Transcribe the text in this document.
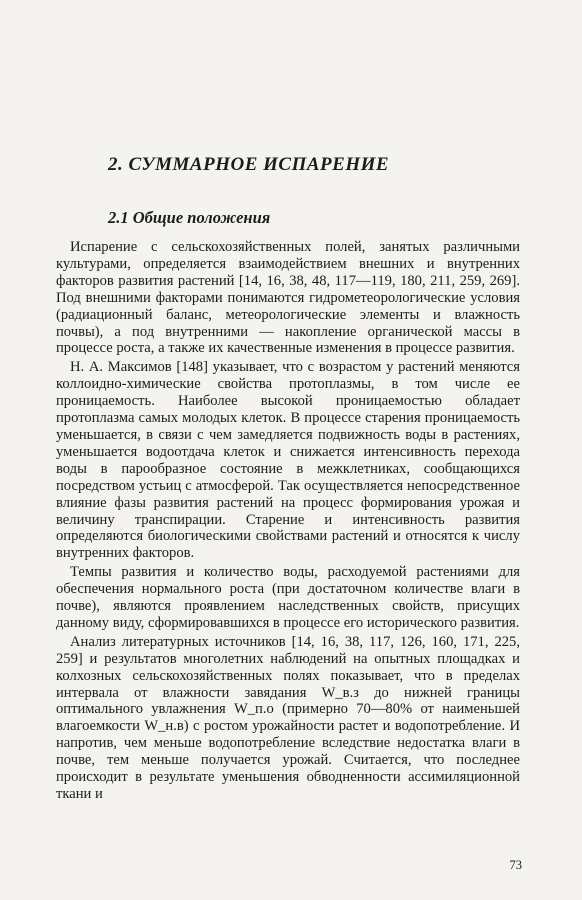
2. СУММАРНОЕ ИСПАРЕНИЕ
2.1 Общие положения

Испарение с сельскохозяйственных полей, занятых различными культурами, определяется взаимодействием внешних и внутренних факторов развития растений [14, 16, 38, 48, 117—119, 180, 211, 259, 269]. Под внешними факторами понимаются гидрометеорологические условия (радиационный баланс, метеорологические элементы и влажность почвы), а под внутренними — накопление органической массы в процессе роста, а также их качественные изменения в процессе развития.

Н. А. Максимов [148] указывает, что с возрастом у растений меняются коллоидно-химические свойства протоплазмы, в том числе ее проницаемость. Наиболее высокой проницаемостью обладает протоплазма самых молодых клеток. В процессе старения проницаемость уменьшается, в связи с чем замедляется подвижность воды в растениях, уменьшается водоотдача клеток и снижается интенсивность перехода воды в парообразное состояние в межклетниках, сообщающихся посредством устьиц с атмосферой. Так осуществляется непосредственное влияние фазы развития растений на процесс формирования урожая и величину транспирации. Старение и интенсивность развития определяются биологическими свойствами растений и относятся к числу внутренних факторов.

Темпы развития и количество воды, расходуемой растениями для обеспечения нормального роста (при достаточном количестве влаги в почве), являются проявлением наследственных свойств, присущих данному виду, сформировавшихся в процессе его исторического развития.

Анализ литературных источников [14, 16, 38, 117, 126, 160, 171, 225, 259] и результатов многолетних наблюдений на опытных площадках и колхозных сельскохозяйственных полях показывает, что в пределах интервала от влажности завядания W_в.з до нижней границы оптимального увлажнения W_п.о (примерно 70—80% от наименьшей влагоемкости W_н.в) с ростом урожайности растет и водопотребление. И напротив, чем меньше водопотребление вследствие недостатка влаги в почве, тем меньше получается урожай. Считается, что последнее происходит в результате уменьшения обводненности ассимиляционной ткани и

73
